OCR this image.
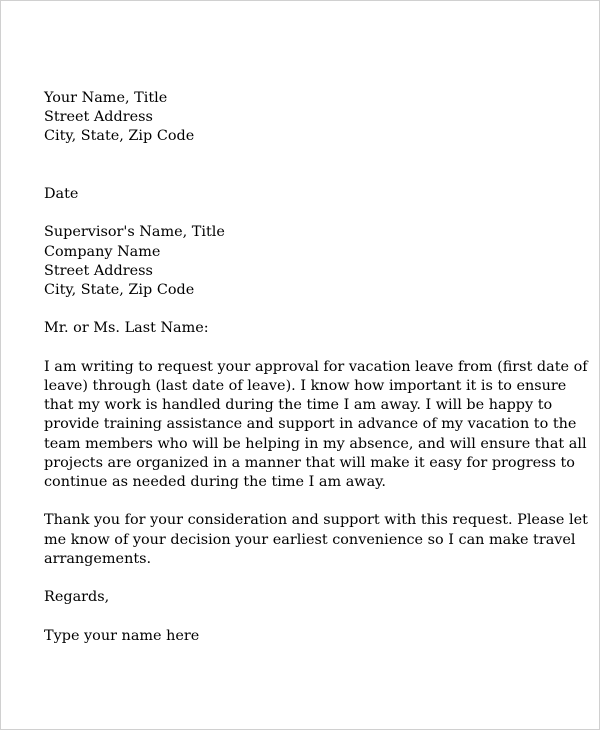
Your Name, Title
Street Address
City, State, Zip Code
Date
Supervisor's Name, Title
Company Name
Street Address
City, State, Zip Code
Mr. or Ms. Last Name:
I am writing to request your approval for vacation leave from (first date of
leave) through (last date of leave). I know how important it is to ensure
that my work is handled during the time I am away. I will be happy to
provide training assistance and support in advance of my vacation to the
team members who will be helping in my absence, and will ensure that all
projects are organized in a manner that will make it easy for progress to
continue as needed during the time I am away.
Thank you for your consideration and support with this request. Please let
me know of your decision your earliest convenience so I can make travel
arrangements.
Regards,
Type your name here
